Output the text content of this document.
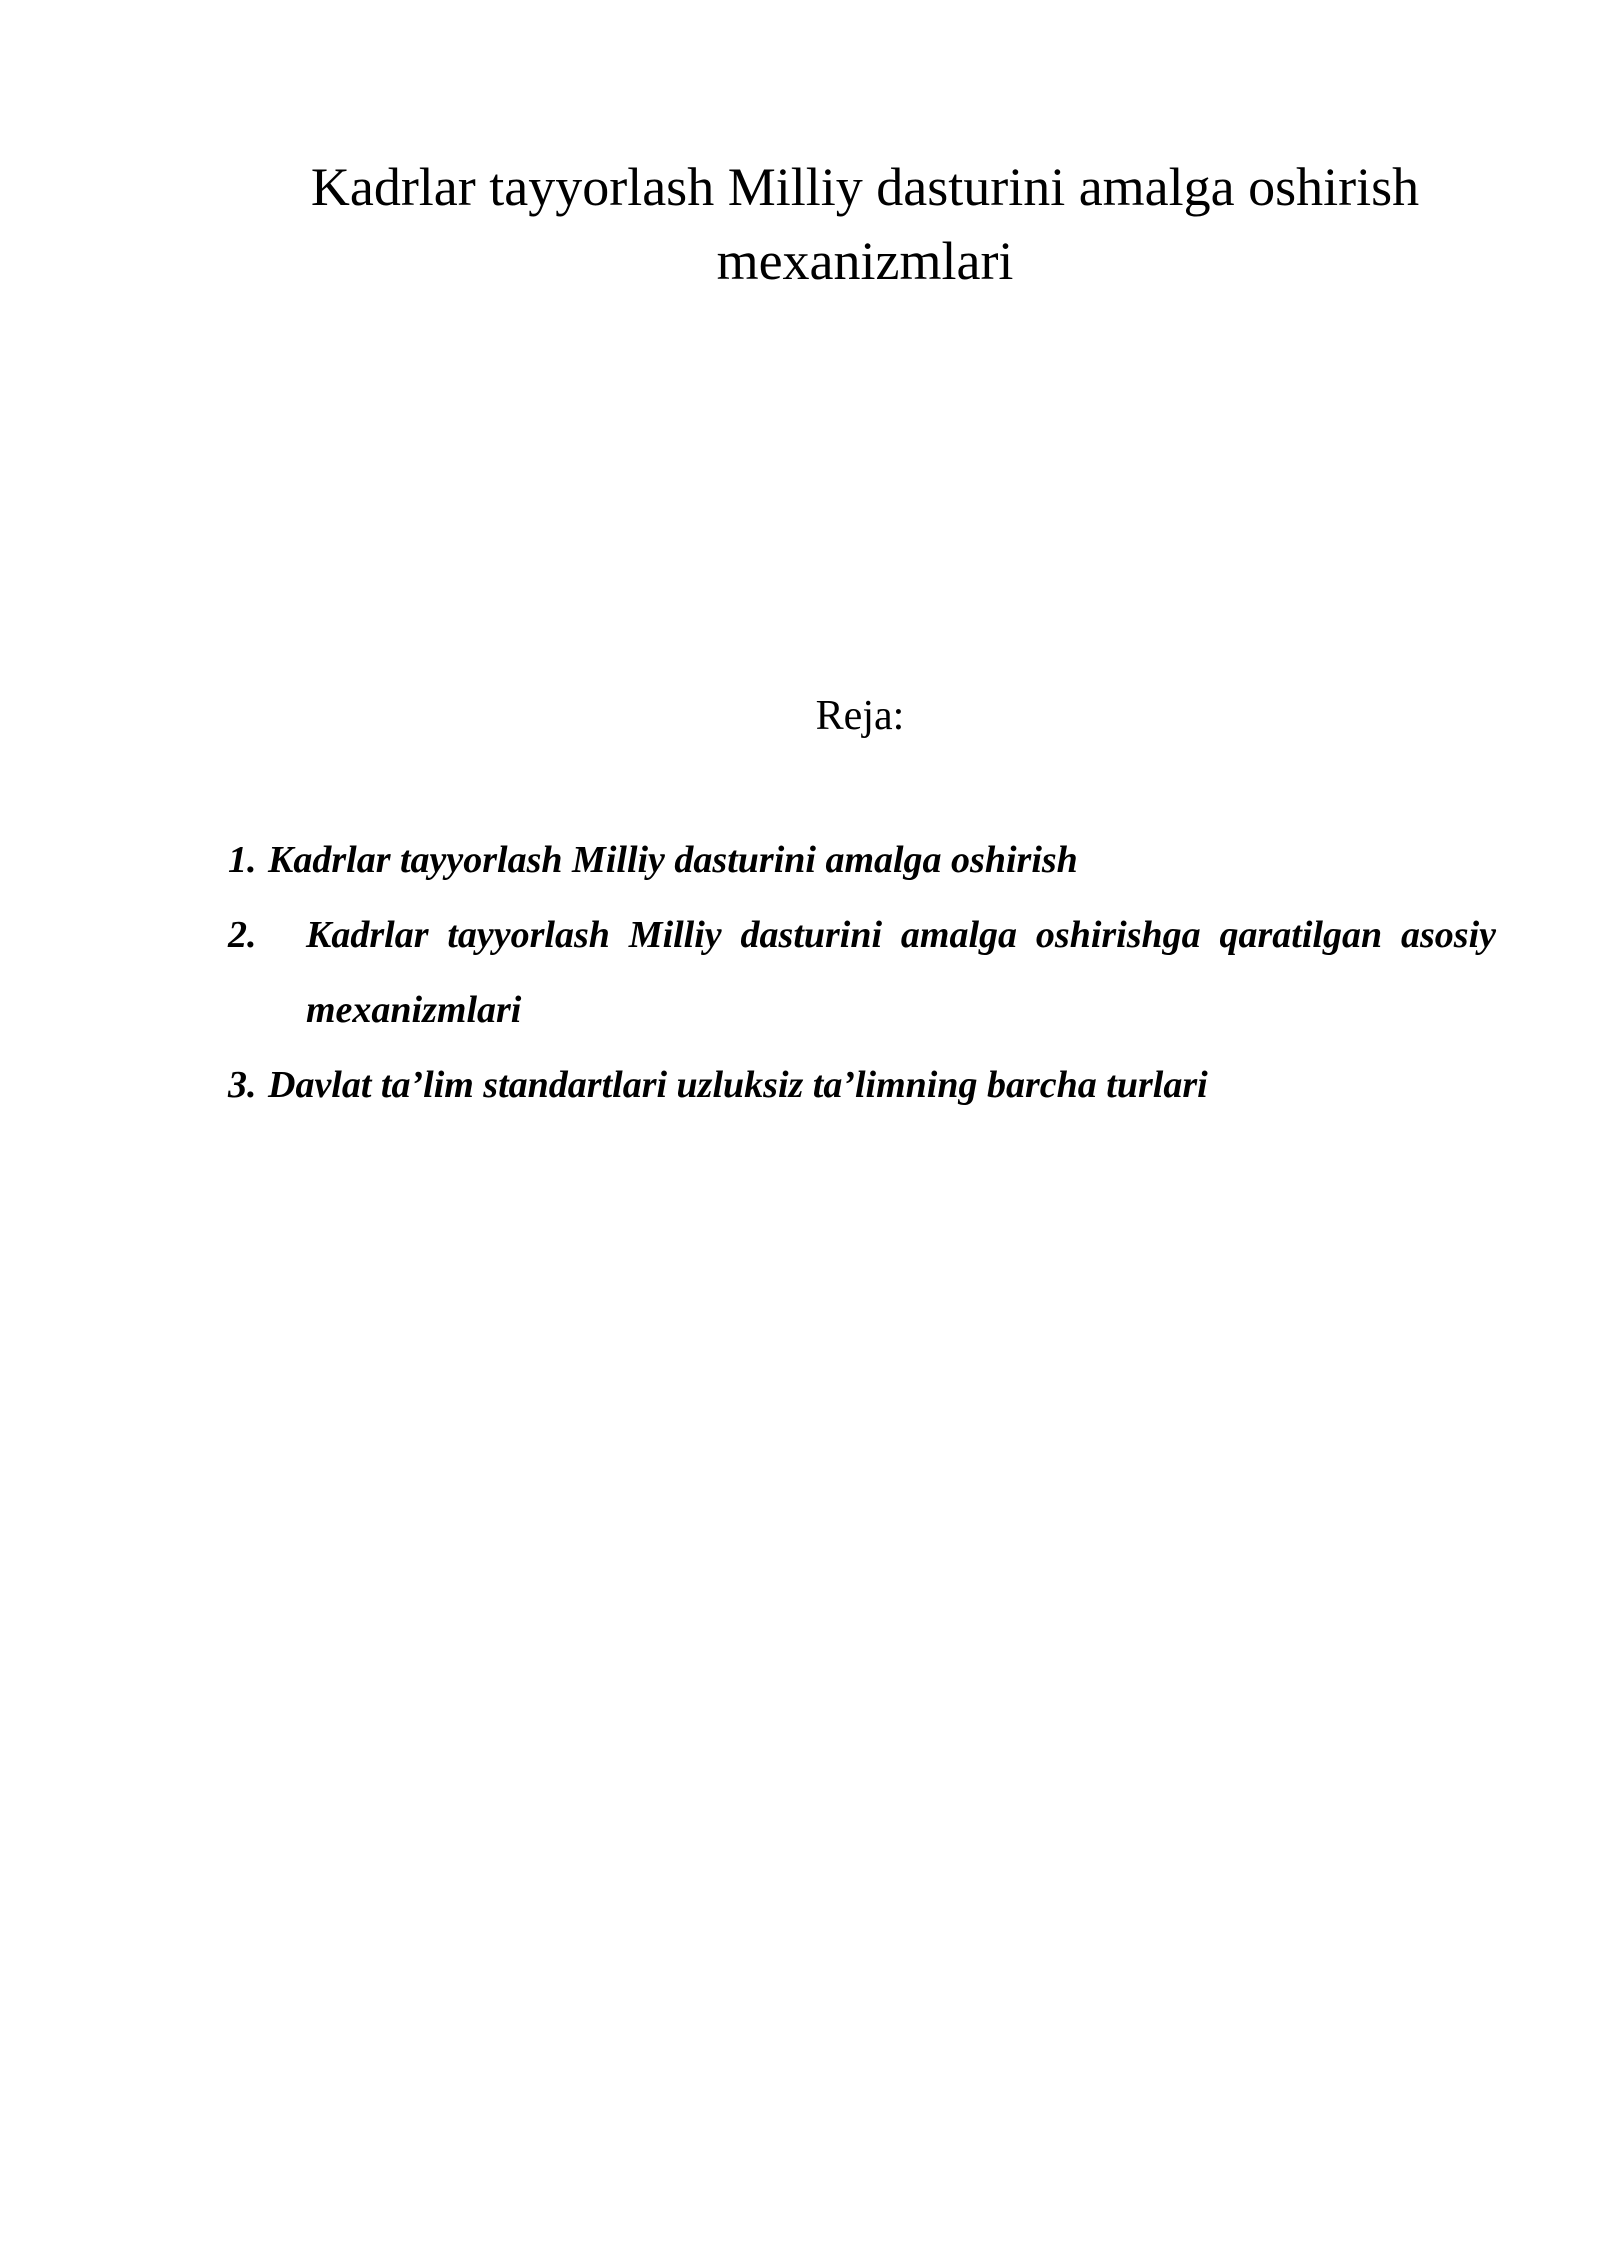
Kadrlar tayyorlash Milliy dasturini amalga oshirish mexanizmlari
Reja:
1. Kadrlar tayyorlash Milliy dasturini amalga oshirish
2. Kadrlar tayyorlash Milliy dasturini amalga oshirishga qaratilgan asosiy mexanizmlari
3. Davlat ta’lim standartlari uzluksiz ta’limning barcha turlari
